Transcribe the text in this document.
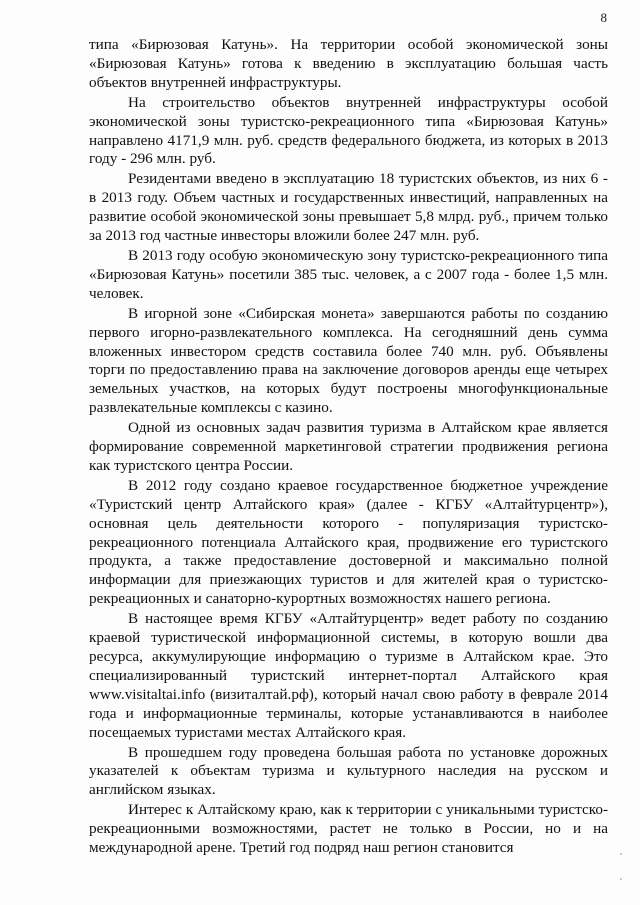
8

типа «Бирюзовая Катунь». На территории особой экономической зоны «Бирюзовая Катунь» готова к введению в эксплуатацию большая часть объектов внутренней инфраструктуры.

На строительство объектов внутренней инфраструктуры особой экономической зоны туристско-рекреационного типа «Бирюзовая Катунь» направлено 4171,9 млн. руб. средств федерального бюджета, из которых в 2013 году - 296 млн. руб.

Резидентами введено в эксплуатацию 18 туристских объектов, из них 6 - в 2013 году. Объем частных и государственных инвестиций, направленных на развитие особой экономической зоны превышает 5,8 млрд. руб., причем только за 2013 год частные инвесторы вложили более 247 млн. руб.

В 2013 году особую экономическую зону туристско-рекреационного типа «Бирюзовая Катунь» посетили 385 тыс. человек, а с 2007 года - более 1,5 млн. человек.

В игорной зоне «Сибирская монета» завершаются работы по созданию первого игорно-развлекательного комплекса. На сегодняшний день сумма вложенных инвестором средств составила более 740 млн. руб. Объявлены торги по предоставлению права на заключение договоров аренды еще четырех земельных участков, на которых будут построены многофункциональные развлекательные комплексы с казино.

Одной из основных задач развития туризма в Алтайском крае является формирование современной маркетинговой стратегии продвижения региона как туристского центра России.

В 2012 году создано краевое государственное бюджетное учреждение «Туристский центр Алтайского края» (далее - КГБУ «Алтайтурцентр»), основная цель деятельности которого - популяризация туристско-рекреационного потенциала Алтайского края, продвижение его туристского продукта, а также предоставление достоверной и максимально полной информации для приезжающих туристов и для жителей края о туристско-рекреационных и санаторно-курортных возможностях нашего региона.

В настоящее время КГБУ «Алтайтурцентр» ведет работу по созданию краевой туристической информационной системы, в которую вошли два ресурса, аккумулирующие информацию о туризме в Алтайском крае. Это специализированный туристский интернет-портал Алтайского края www.visitaltai.info (визиталтай.рф), который начал свою работу в феврале 2014 года и информационные терминалы, которые устанавливаются в наиболее посещаемых туристами местах Алтайского края.

В прошедшем году проведена большая работа по установке дорожных указателей к объектам туризма и культурного наследия на русском и английском языках.

Интерес к Алтайскому краю, как к территории с уникальными туристско-рекреационными возможностями, растет не только в России, но и на международной арене. Третий год подряд наш регион становится
